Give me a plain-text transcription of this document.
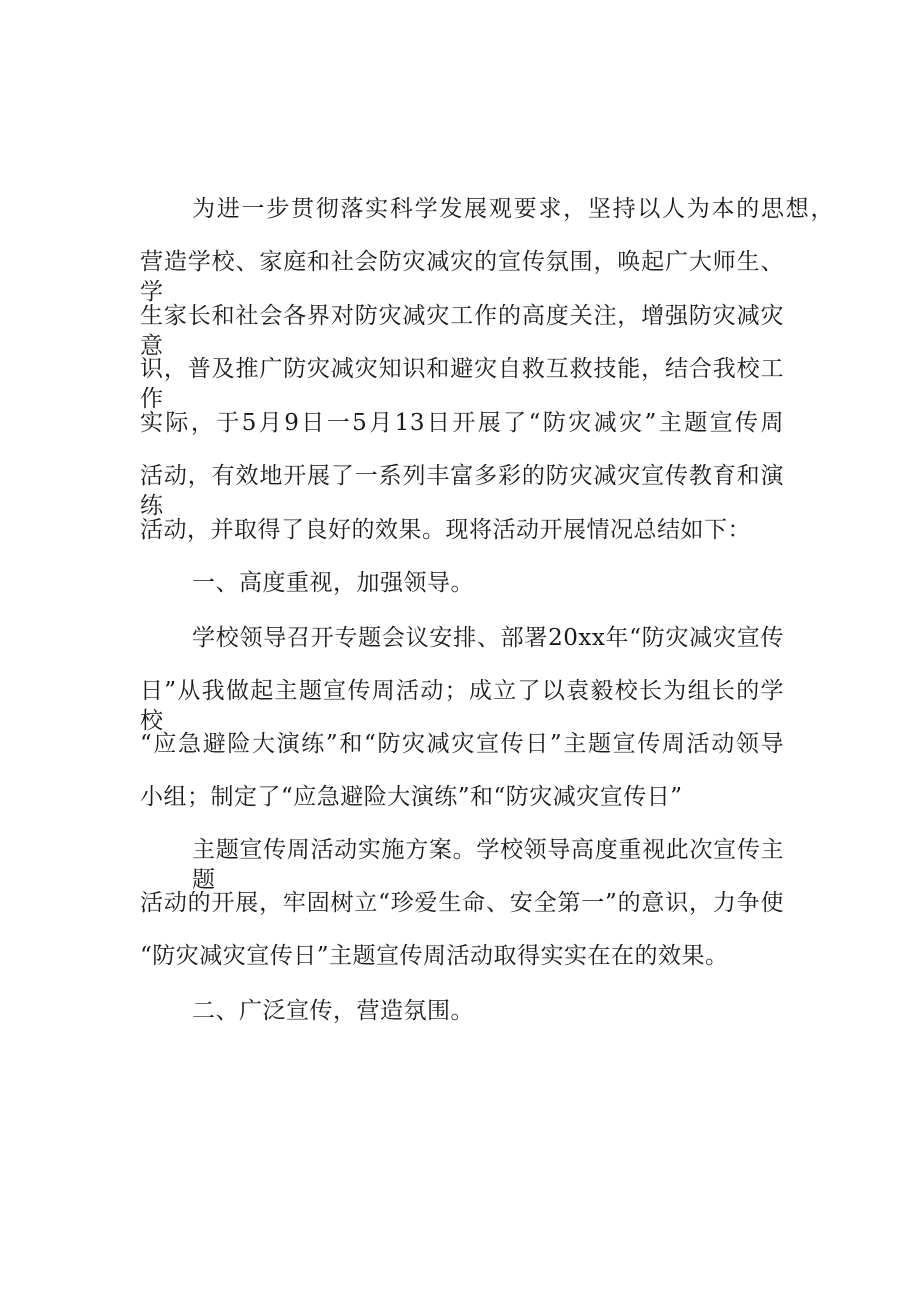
为进一步贯彻落实科学发展观要求，坚持以人为本的思想，
营造学校、家庭和社会防灾减灾的宣传氛围，唤起广大师生、学
生家长和社会各界对防灾减灾工作的高度关注，增强防灾减灾意
识，普及推广防灾减灾知识和避灾自救互救技能，结合我校工作
实际，于5月9日一5月13日开展了“防灾减灾”主题宣传周
活动，有效地开展了一系列丰富多彩的防灾减灾宣传教育和演练
活动，并取得了良好的效果。现将活动开展情况总结如下：
一、高度重视，加强领导。
学校领导召开专题会议安排、部署20xx年“防灾减灾宣传
日”从我做起主题宣传周活动；成立了以袁毅校长为组长的学校
“应急避险大演练”和“防灾减灾宣传日”主题宣传周活动领导
小组；制定了“应急避险大演练”和“防灾减灾宣传日”
主题宣传周活动实施方案。学校领导高度重视此次宣传主题
活动的开展，牢固树立“珍爱生命、安全第一”的意识，力争使
“防灾减灾宣传日”主题宣传周活动取得实实在在的效果。
二、广泛宣传，营造氛围。
